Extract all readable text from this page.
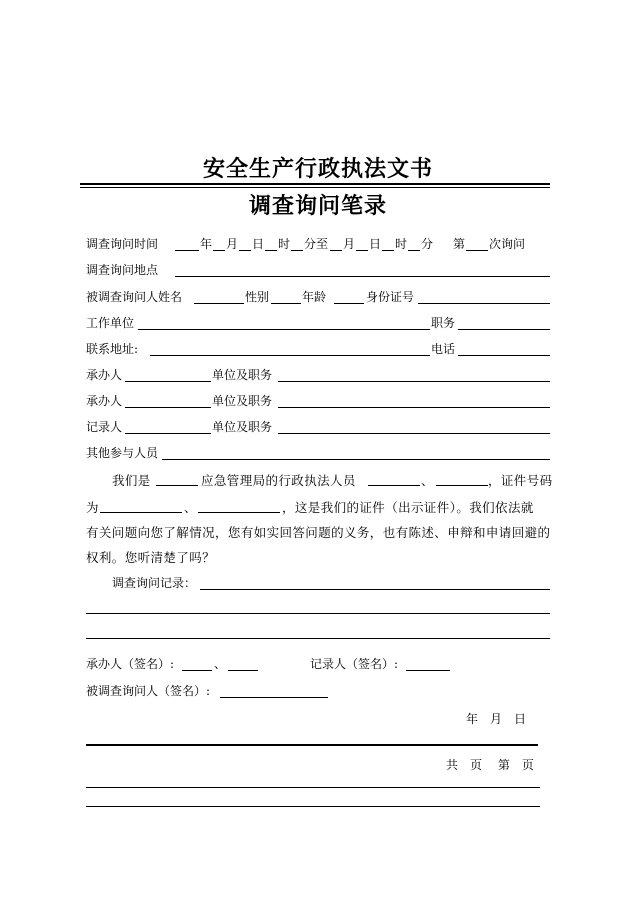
安全生产行政执法文书
调查询问笔录
调查询问时间	年 月 日 时 分至 月 日 时 分 第 次询问
调查询问地点
被调查询问人姓名	性别	年龄	身份证号
工作单位	职务
联系地址:	电话
承办人	单位及职务
承办人	单位及职务
记录人	单位及职务
其他参与人员
我们是	应急管理局的行政执法人员	、	，证件号码
为	、	，这是我们的证件（出示证件）。我们依法就
有关问题向您了解情况，您有如实回答问题的义务，也有陈述、申辩和申请回避的
权利。您听清楚了吗？
调查询问记录：
承办人（签名）:	、	记录人（签名）:
被调查询问人（签名）:
年　月　日
共　页　 第　页
